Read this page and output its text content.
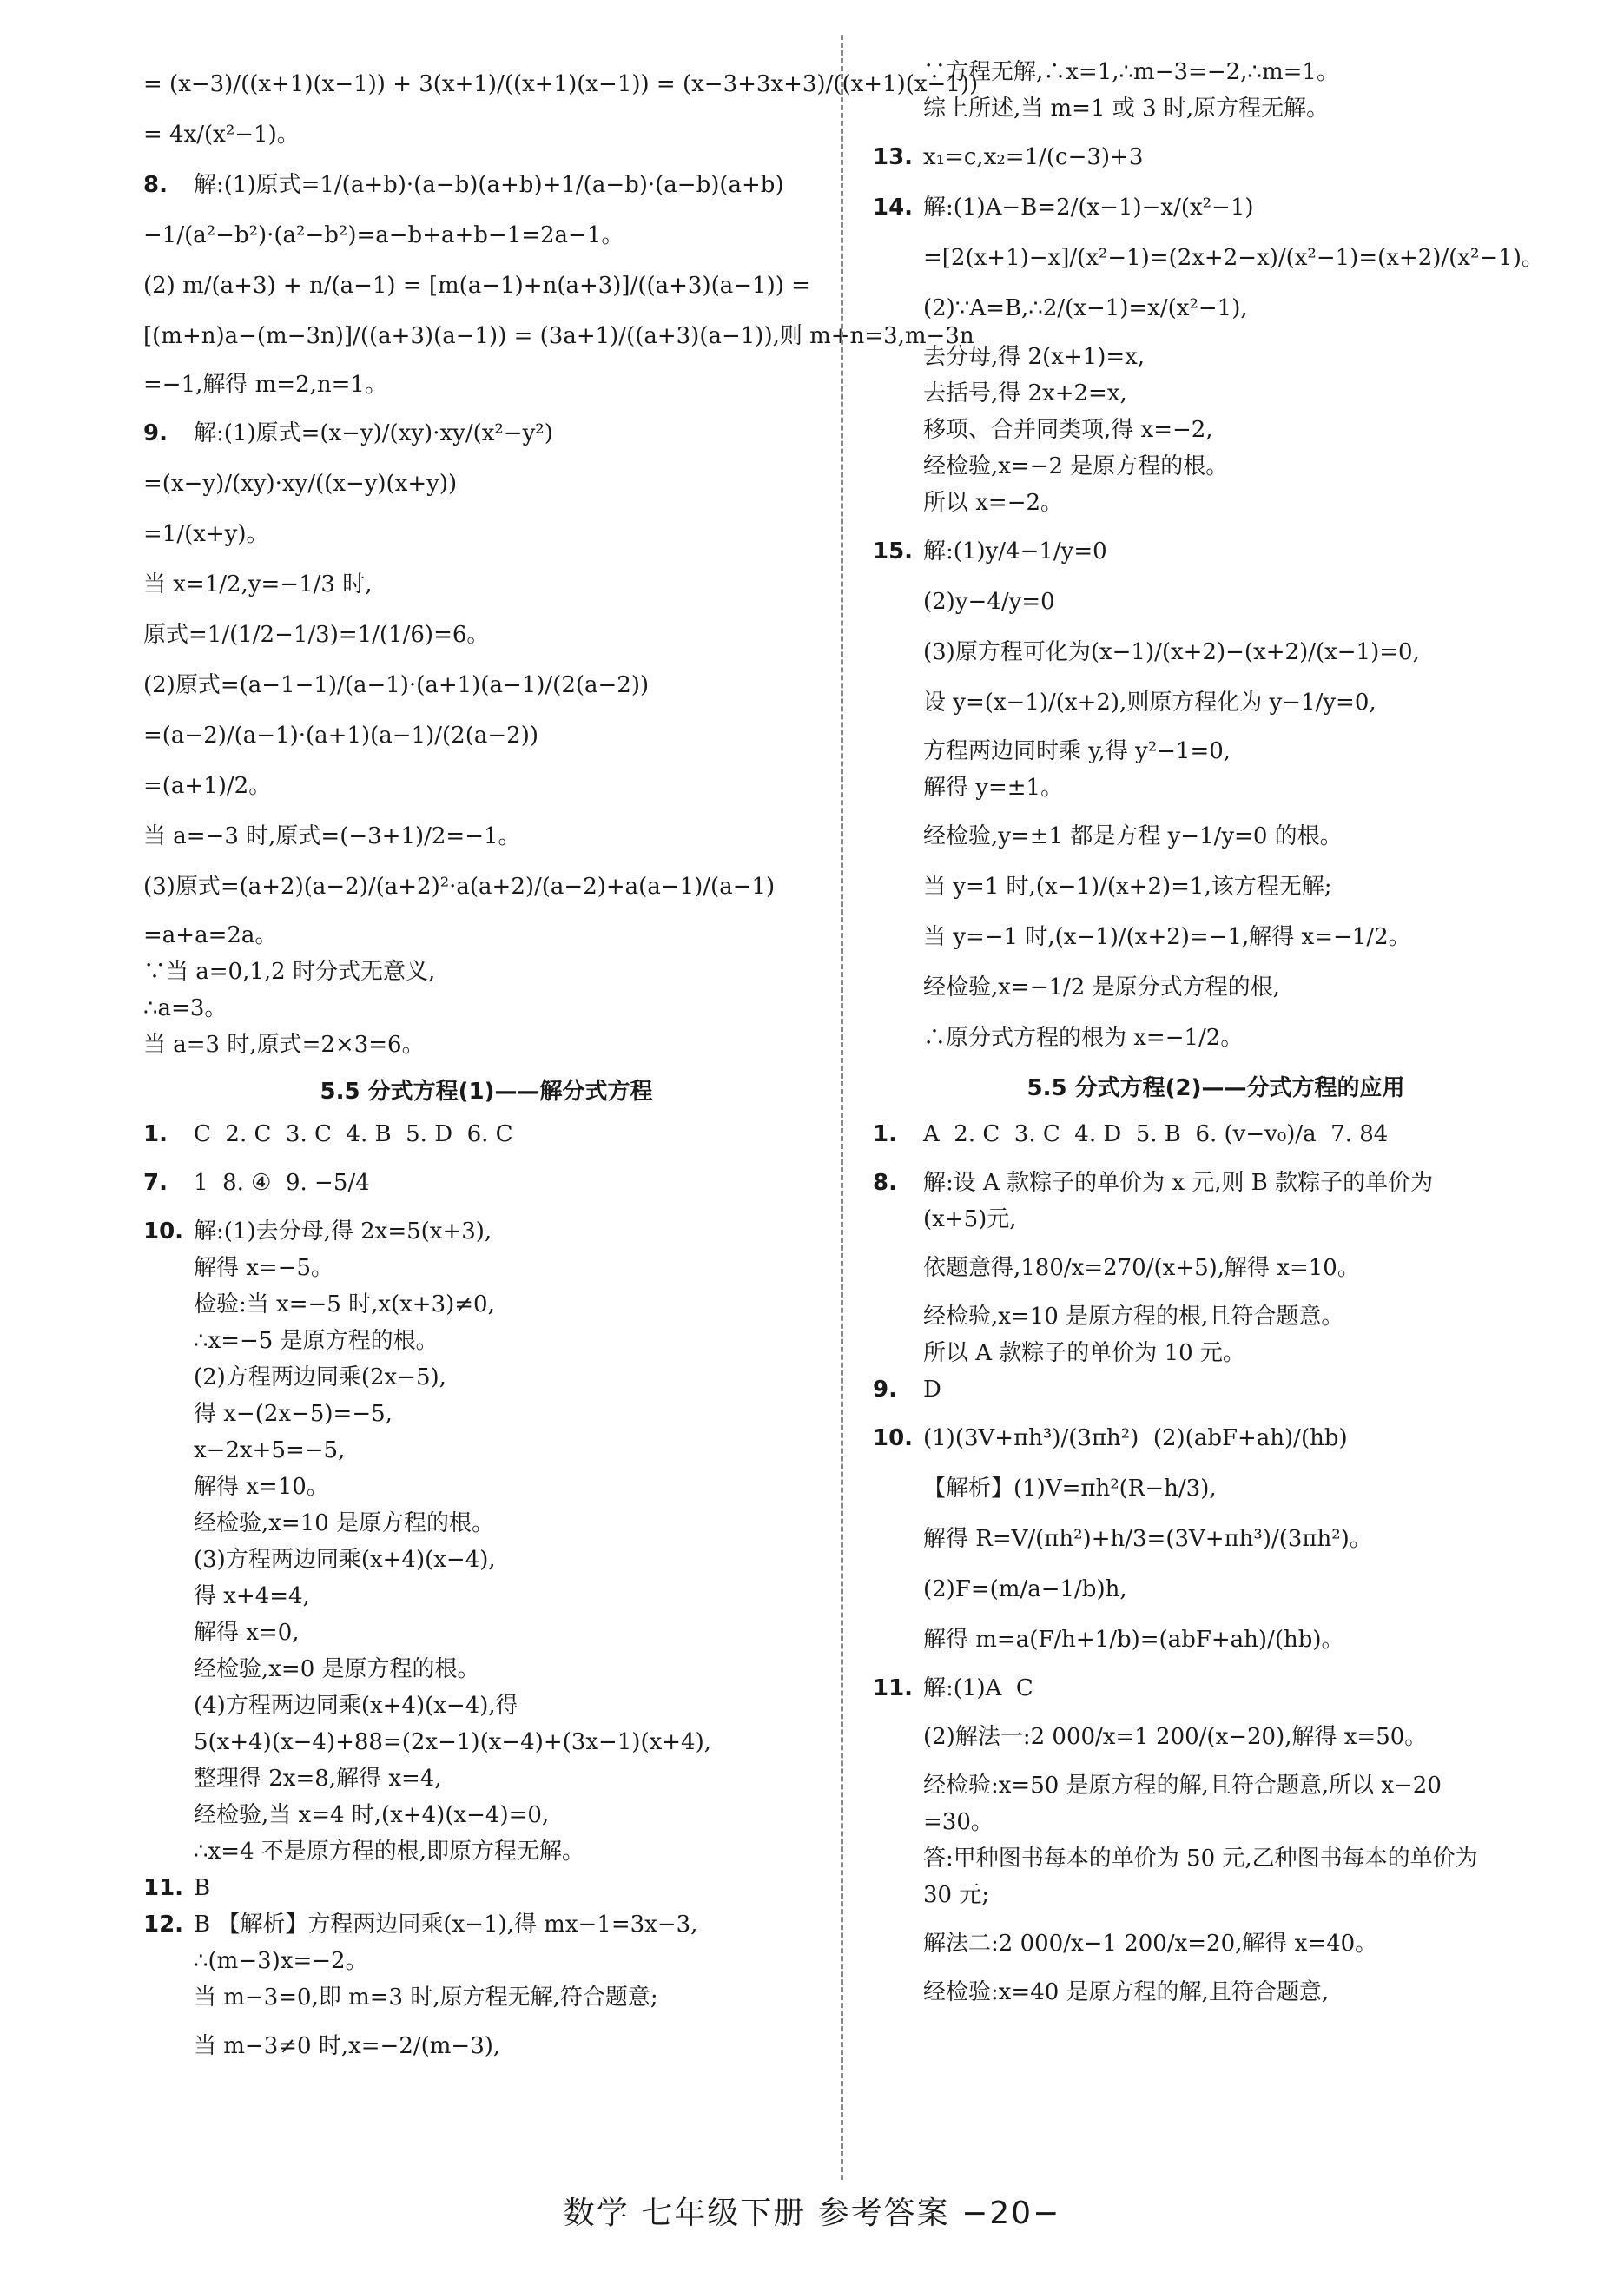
= (x−3)/((x+1)(x−1)) + 3(x+1)/((x+1)(x−1)) = (x−3+3x+3)/((x+1)(x−1))
= 4x/(x²−1)。
8. 解:(1)原式=1/(a+b)·(a−b)(a+b)+1/(a−b)·(a−b)(a+b)
−1/(a²−b²)·(a²−b²)=a−b+a+b−1=2a−1。
(2) m/(a+3) + n/(a−1) = [m(a−1)+n(a+3)]/((a+3)(a−1)) =
[(m+n)a−(m−3n)]/((a+3)(a−1)) = (3a+1)/((a+3)(a−1)),则 m+n=3,m−3n
=−1,解得 m=2,n=1。
9. 解:(1)原式=(x−y)/(xy)·xy/(x²−y²)
=(x−y)/(xy)·xy/((x−y)(x+y))
=1/(x+y)。
当 x=1/2,y=−1/3 时,
原式=1/(1/2−1/3)=1/(1/6)=6。
(2)原式=(a−1−1)/(a−1)·(a+1)(a−1)/(2(a−2))
=(a−2)/(a−1)·(a+1)(a−1)/(2(a−2))
=(a+1)/2。
当 a=−3 时,原式=(−3+1)/2=−1。
(3)原式=(a+2)(a−2)/(a+2)²·a(a+2)/(a−2)+a(a−1)/(a−1)
=a+a=2a。
∵当 a=0,1,2 时分式无意义,
∴a=3。
当 a=3 时,原式=2×3=6。
5.5 分式方程(1)——解分式方程
1. C  2. C  3. C  4. B  5. D  6. C
7. 1  8. ④  9. −5/4
10. 解:(1)去分母,得 2x=5(x+3),
解得 x=−5。
检验:当 x=−5 时,x(x+3)≠0,
∴x=−5 是原方程的根。
(2)方程两边同乘(2x−5),
得 x−(2x−5)=−5,
x−2x+5=−5,
解得 x=10。
经检验,x=10 是原方程的根。
(3)方程两边同乘(x+4)(x−4),
得 x+4=4,
解得 x=0,
经检验,x=0 是原方程的根。
(4)方程两边同乘(x+4)(x−4),得
5(x+4)(x−4)+88=(2x−1)(x−4)+(3x−1)(x+4),
整理得 2x=8,解得 x=4,
经检验,当 x=4 时,(x+4)(x−4)=0,
∴x=4 不是原方程的根,即原方程无解。
11. B
12. B 【解析】方程两边同乘(x−1),得 mx−1=3x−3,
∴(m−3)x=−2。
当 m−3=0,即 m=3 时,原方程无解,符合题意;
当 m−3≠0 时,x=−2/(m−3),
∵方程无解,∴x=1,∴m−3=−2,∴m=1。
综上所述,当 m=1 或 3 时,原方程无解。
13. x₁=c,x₂=1/(c−3)+3
14. 解:(1)A−B=2/(x−1)−x/(x²−1)
=[2(x+1)−x]/(x²−1)=(2x+2−x)/(x²−1)=(x+2)/(x²−1)。
(2)∵A=B,∴2/(x−1)=x/(x²−1),
去分母,得 2(x+1)=x,
去括号,得 2x+2=x,
移项、合并同类项,得 x=−2,
经检验,x=−2 是原方程的根。
所以 x=−2。
15. 解:(1)y/4−1/y=0
(2)y−4/y=0
(3)原方程可化为(x−1)/(x+2)−(x+2)/(x−1)=0,
设 y=(x−1)/(x+2),则原方程化为 y−1/y=0,
方程两边同时乘 y,得 y²−1=0,
解得 y=±1。
经检验,y=±1 都是方程 y−1/y=0 的根。
当 y=1 时,(x−1)/(x+2)=1,该方程无解;
当 y=−1 时,(x−1)/(x+2)=−1,解得 x=−1/2。
经检验,x=−1/2 是原分式方程的根,
∴原分式方程的根为 x=−1/2。
5.5 分式方程(2)——分式方程的应用
1. A  2. C  3. C  4. D  5. B  6. (v−v₀)/a  7. 84
8. 解:设 A 款粽子的单价为 x 元,则 B 款粽子的单价为
(x+5)元,
依题意得,180/x=270/(x+5),解得 x=10。
经检验,x=10 是原方程的根,且符合题意。
所以 A 款粽子的单价为 10 元。
9. D
10. (1)(3V+πh³)/(3πh²)  (2)(abF+ah)/(hb)
【解析】(1)V=πh²(R−h/3),
解得 R=V/(πh²)+h/3=(3V+πh³)/(3πh²)。
(2)F=(m/a−1/b)h,
解得 m=a(F/h+1/b)=(abF+ah)/(hb)。
11. 解:(1)A  C
(2)解法一:2 000/x=1 200/(x−20),解得 x=50。
经检验:x=50 是原方程的解,且符合题意,所以 x−20
=30。
答:甲种图书每本的单价为 50 元,乙种图书每本的单价为
30 元;
解法二:2 000/x−1 200/x=20,解得 x=40。
经检验:x=40 是原方程的解,且符合题意,
数学 七年级下册 参考答案 −20−
